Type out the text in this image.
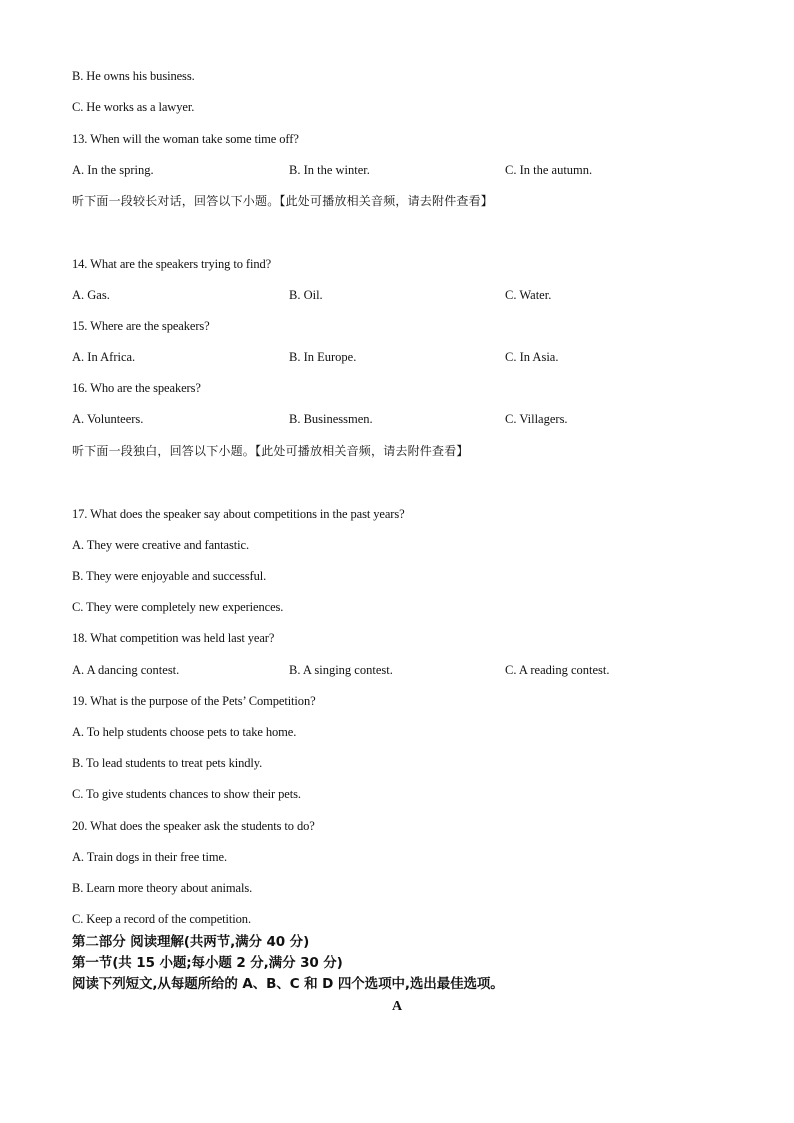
B. He owns his business.
C. He works as a lawyer.
13. When will the woman take some time off?
A. In the spring.	B. In the winter.	C. In the autumn.
听下面一段较长对话，回答以下小题。【此处可播放相关音频，请去附件查看】
14. What are the speakers trying to find?
A. Gas.	B. Oil.	C. Water.
15. Where are the speakers?
A. In Africa.	B. In Europe.	C. In Asia.
16. Who are the speakers?
A. Volunteers.	B. Businessmen.	C. Villagers.
听下面一段独白，回答以下小题。【此处可播放相关音频，请去附件查看】
17. What does the speaker say about competitions in the past years?
A. They were creative and fantastic.
B. They were enjoyable and successful.
C. They were completely new experiences.
18. What competition was held last year?
A. A dancing contest.	B. A singing contest.	C. A reading contest.
19. What is the purpose of the Pets’ Competition?
A. To help students choose pets to take home.
B. To lead students to treat pets kindly.
C. To give students chances to show their pets.
20. What does the speaker ask the students to do?
A. Train dogs in their free time.
B. Learn more theory about animals.
C. Keep a record of the competition.
第二部分 阅读理解(共两节,满分 40 分)
第一节(共 15 小题;每小题 2 分,满分 30 分)
阅读下列短文,从每题所给的 A、B、C 和 D 四个选项中,选出最佳选项。
A
